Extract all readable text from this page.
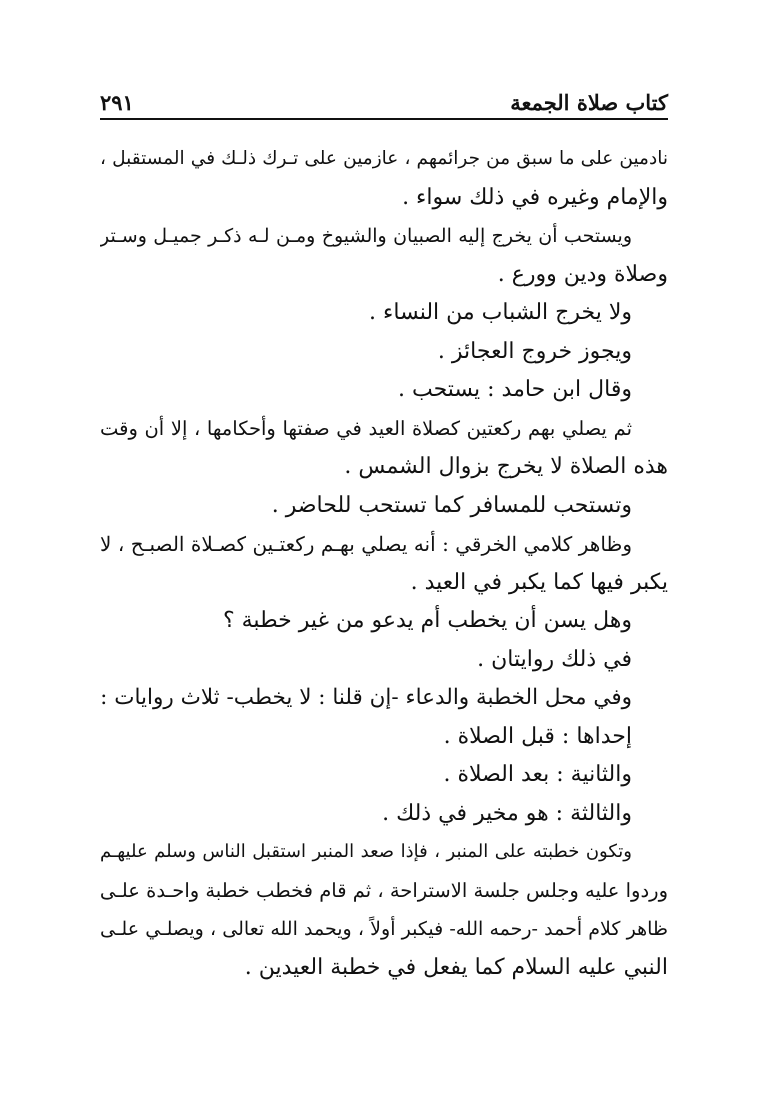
كتاب صلاة الجمعة
٢٩١
نادمين على ما سبق من جرائمهم ، عازمين على تـرك ذلـك في المستقبل ،
والإمام وغيره في ذلك سواء .
ويستحب أن يخرج إليه الصبيان والشيوخ ومـن لـه ذكـر جميـل وسـتر
وصلاة ودين وورع .
ولا يخرج الشباب من النساء .
ويجوز خروج العجائز .
وقال ابن حامد : يستحب .
ثم يصلي بهم ركعتين كصلاة العيد في صفتها وأحكامها ، إلا أن وقت
هذه الصلاة لا يخرج بزوال الشمس .
وتستحب للمسافر كما تستحب للحاضر .
وظاهر كلامي الخرقي : أنه يصلي بهـم ركعتـين كصـلاة الصبـح ، لا
يكبر فيها كما يكبر في العيد .
وهل يسن أن يخطب أم يدعو من غير خطبة ؟
في ذلك روايتان .
وفي محل الخطبة والدعاء -إن قلنا : لا يخطب- ثلاث روايات :
إحداها : قبل الصلاة .
والثانية : بعد الصلاة .
والثالثة : هو مخير في ذلك .
وتكون خطبته على المنبر ، فإذا صعد المنبر استقبل الناس وسلم عليهـم
وردوا عليه وجلس جلسة الاستراحة ، ثم قام فخطب خطبة واحـدة علـى
ظاهر كلام أحمد -رحمه الله- فيكبر أولاً ، ويحمد الله تعالى ، ويصلـي علـى
النبي عليه السلام كما يفعل في خطبة العيدين .
